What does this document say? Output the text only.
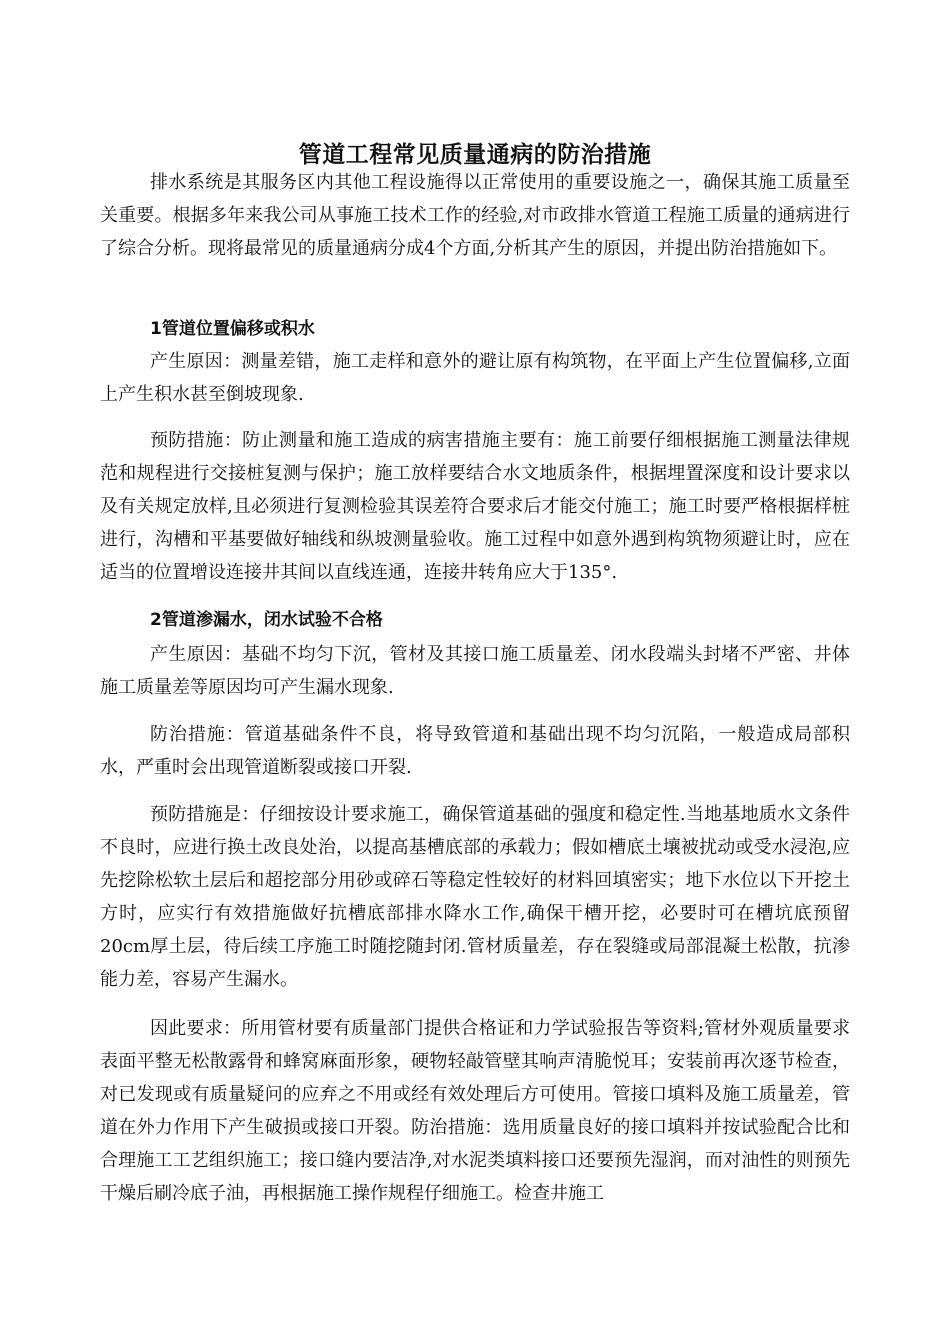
管道工程常见质量通病的防治措施

排水系统是其服务区内其他工程设施得以正常使用的重要设施之一，确保其施工质量至关重要。根据多年来我公司从事施工技术工作的经验,对市政排水管道工程施工质量的通病进行了综合分析。现将最常见的质量通病分成4个方面,分析其产生的原因，并提出防治措施如下。

1管道位置偏移或积水

产生原因：测量差错，施工走样和意外的避让原有构筑物，在平面上产生位置偏移,立面上产生积水甚至倒坡现象.

预防措施：防止测量和施工造成的病害措施主要有：施工前要仔细根据施工测量法律规范和规程进行交接桩复测与保护；施工放样要结合水文地质条件，根据埋置深度和设计要求以及有关规定放样,且必须进行复测检验其误差符合要求后才能交付施工；施工时要严格根据样桩进行，沟槽和平基要做好轴线和纵坡测量验收。施工过程中如意外遇到构筑物须避让时，应在适当的位置增设连接井其间以直线连通，连接井转角应大于135°.

2管道渗漏水，闭水试验不合格

产生原因：基础不均匀下沉，管材及其接口施工质量差、闭水段端头封堵不严密、井体施工质量差等原因均可产生漏水现象.

防治措施：管道基础条件不良，将导致管道和基础出现不均匀沉陷，一般造成局部积水，严重时会出现管道断裂或接口开裂.

预防措施是：仔细按设计要求施工，确保管道基础的强度和稳定性.当地基地质水文条件不良时，应进行换土改良处治，以提高基槽底部的承载力；假如槽底土壤被扰动或受水浸泡,应先挖除松软土层后和超挖部分用砂或碎石等稳定性较好的材料回填密实；地下水位以下开挖土方时，应实行有效措施做好抗槽底部排水降水工作,确保干槽开挖，必要时可在槽坑底预留20cm厚土层，待后续工序施工时随挖随封闭.管材质量差，存在裂缝或局部混凝土松散，抗渗能力差，容易产生漏水。

因此要求：所用管材要有质量部门提供合格证和力学试验报告等资料;管材外观质量要求表面平整无松散露骨和蜂窝麻面形象，硬物轻敲管壁其响声清脆悦耳；安装前再次逐节检查，对已发现或有质量疑问的应弃之不用或经有效处理后方可使用。管接口填料及施工质量差，管道在外力作用下产生破损或接口开裂。防治措施：选用质量良好的接口填料并按试验配合比和合理施工工艺组织施工；接口缝内要洁净,对水泥类填料接口还要预先湿润，而对油性的则预先干燥后刷冷底子油，再根据施工操作规程仔细施工。检查井施工
